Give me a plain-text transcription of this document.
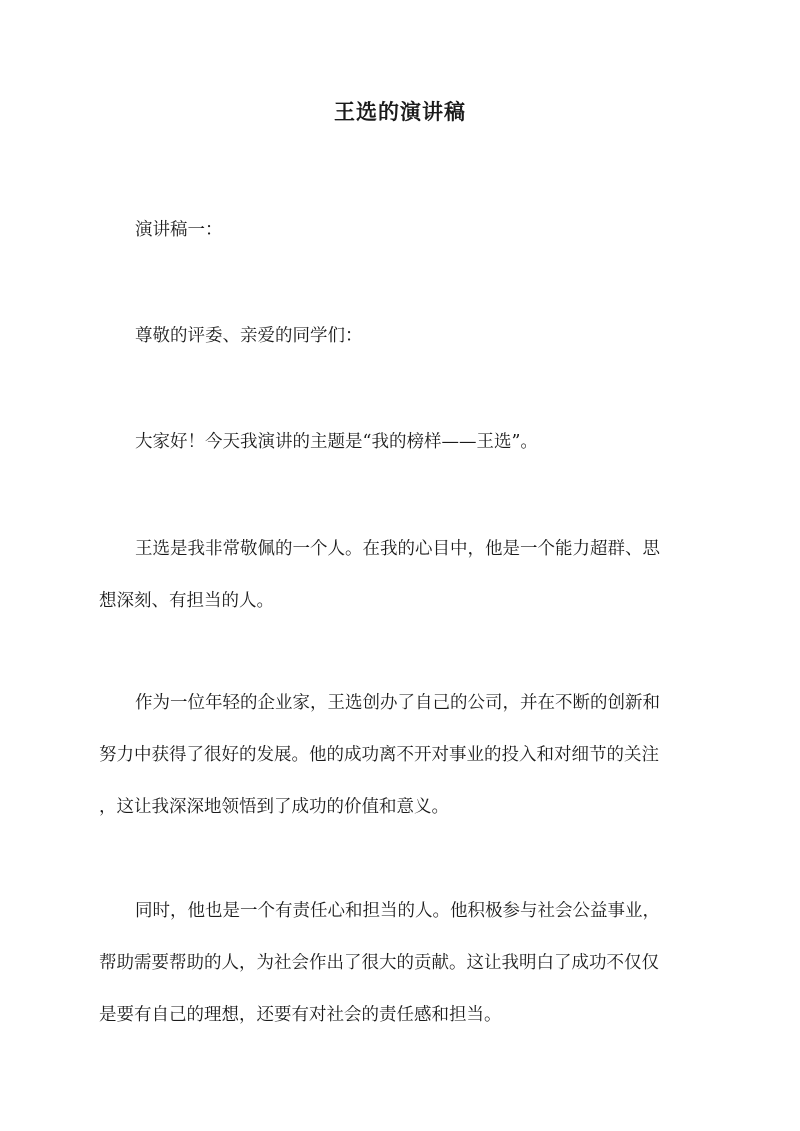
王选的演讲稿

演讲稿一：

尊敬的评委、亲爱的同学们：

大家好！今天我演讲的主题是“我的榜样——王选”。

王选是我非常敬佩的一个人。在我的心目中，他是一个能力超群、思
想深刻、有担当的人。

作为一位年轻的企业家，王选创办了自己的公司，并在不断的创新和
努力中获得了很好的发展。他的成功离不开对事业的投入和对细节的关注
，这让我深深地领悟到了成功的价值和意义。

同时，他也是一个有责任心和担当的人。他积极参与社会公益事业，
帮助需要帮助的人，为社会作出了很大的贡献。这让我明白了成功不仅仅
是要有自己的理想，还要有对社会的责任感和担当。
